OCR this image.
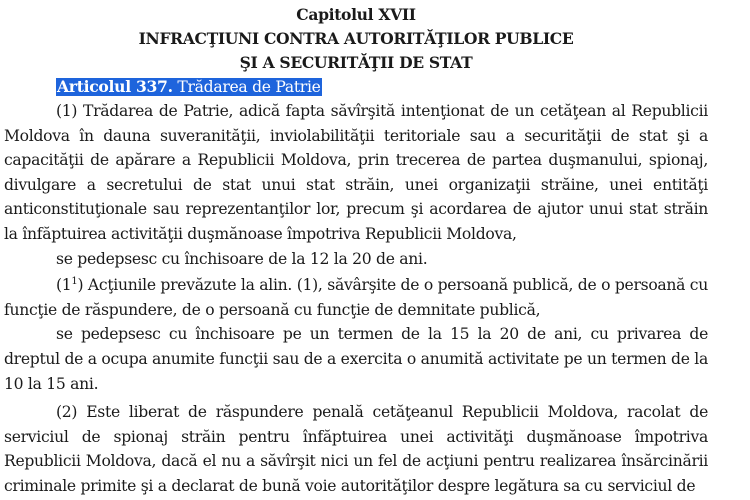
Capitolul XVII
INFRACŢIUNI CONTRA AUTORITĂŢILOR PUBLICE
ŞI A SECURITĂŢII DE STAT
Articolul 337. Trădarea de Patrie

(1) Trădarea de Patrie, adică fapta săvîrşită intenţionat de un cetăţean al Republicii Moldova în dauna suveranităţii, inviolabilităţii teritoriale sau a securităţii de stat şi a capacităţii de apărare a Republicii Moldova, prin trecerea de partea duşmanului, spionaj, divulgare a secretului de stat unui stat străin, unei organizaţii străine, unei entităţi anticonstituţionale sau reprezentanţilor lor, precum şi acordarea de ajutor unui stat străin la înfăptuirea activităţii duşmănoase împotriva Republicii Moldova,

se pedepsesc cu închisoare de la 12 la 20 de ani.

$(1^1)$ Acţiunile prevăzute la alin. (1), săvârşite de o persoană publică, de o persoană cu funcţie de răspundere, de o persoană cu funcţie de demnitate publică,

se pedepsesc cu închisoare pe un termen de la 15 la 20 de ani, cu privarea de dreptul de a ocupa anumite funcţii sau de a exercita o anumită activitate pe un termen de la 10 la 15 ani.

(2) Este liberat de răspundere penală cetăţeanul Republicii Moldova, racolat de serviciul de spionaj străin pentru înfăptuirea unei activităţi duşmănoase împotriva Republicii Moldova, dacă el nu a săvîrşit nici un fel de acţiuni pentru realizarea însărcinării criminale primite şi a declarat de bună voie autorităţilor despre legătura sa cu serviciul de
